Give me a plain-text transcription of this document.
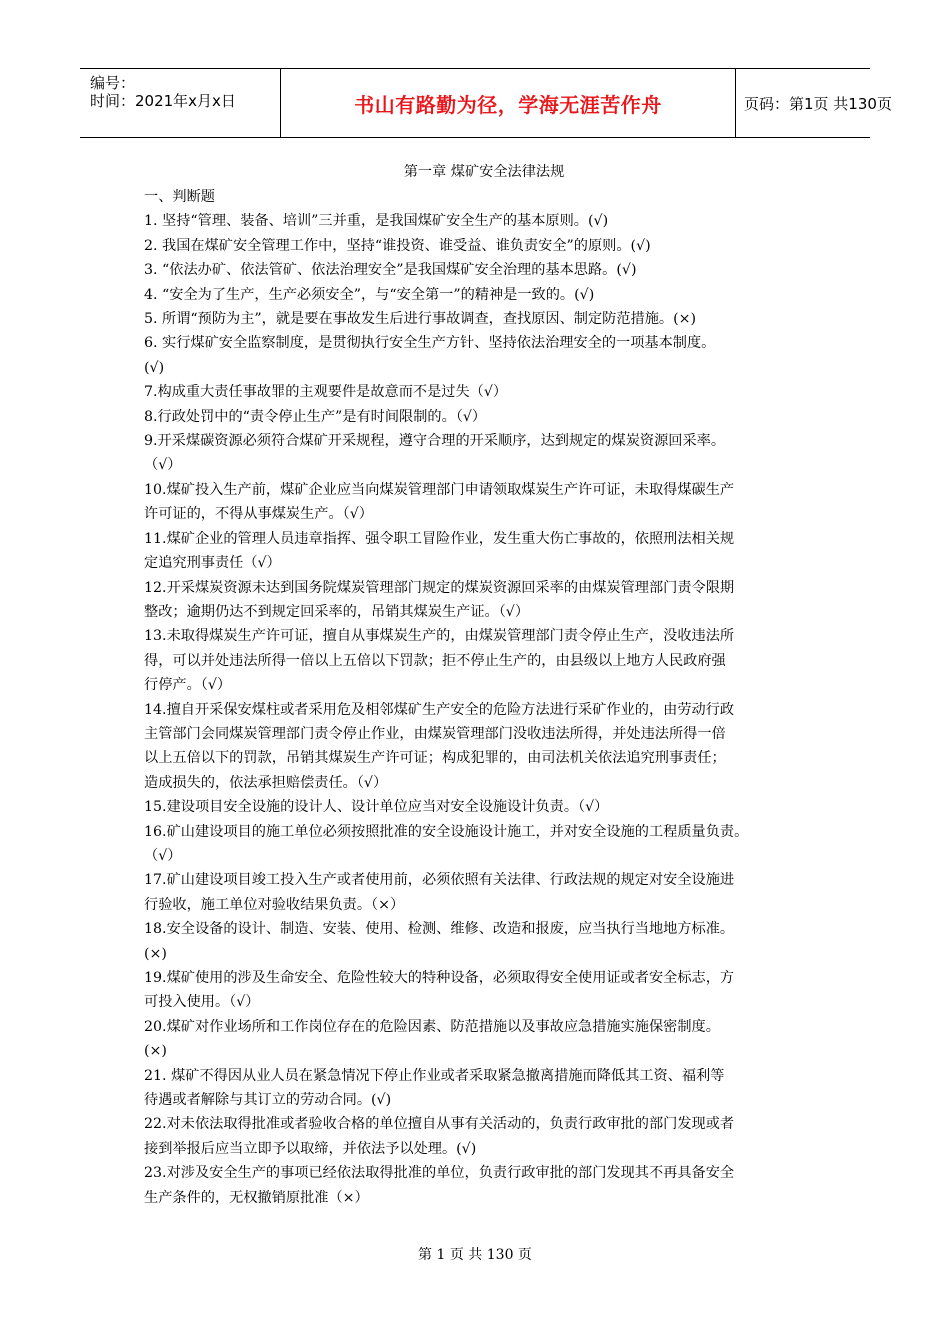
编号：
时间：2021年x月x日	书山有路勤为径，学海无涯苦作舟	页码：第1页 共130页
第一章 煤矿安全法律法规
一、判断题
1. 坚持“管理、装备、培训”三并重，是我国煤矿安全生产的基本原则。(√)
2. 我国在煤矿安全管理工作中，坚持“谁投资、谁受益、谁负责安全”的原则。(√)
3. “依法办矿、依法管矿、依法治理安全”是我国煤矿安全治理的基本思路。(√)
4. “安全为了生产，生产必须安全”，与“安全第一”的精神是一致的。(√)
5. 所谓“预防为主”，就是要在事故发生后进行事故调查，查找原因、制定防范措施。(×)
6. 实行煤矿安全监察制度，是贯彻执行安全生产方针、坚持依法治理安全的一项基本制度。
(√)
7.构成重大责任事故罪的主观要件是故意而不是过失（√）
8.行政处罚中的“责令停止生产”是有时间限制的。（√）
9.开采煤碳资源必须符合煤矿开采规程，遵守合理的开采顺序，达到规定的煤炭资源回采率。
（√）
10.煤矿投入生产前，煤矿企业应当向煤炭管理部门申请领取煤炭生产许可证，未取得煤碳生产
许可证的，不得从事煤炭生产。（√）
11.煤矿企业的管理人员违章指挥、强令职工冒险作业，发生重大伤亡事故的，依照刑法相关规
定追究刑事责任（√）
12.开采煤炭资源未达到国务院煤炭管理部门规定的煤炭资源回采率的由煤炭管理部门责令限期
整改；逾期仍达不到规定回采率的，吊销其煤炭生产证。（√）
13.未取得煤炭生产许可证，擅自从事煤炭生产的，由煤炭管理部门责令停止生产，没收违法所
得，可以并处违法所得一倍以上五倍以下罚款；拒不停止生产的，由县级以上地方人民政府强
行停产。（√）
14.擅自开采保安煤柱或者采用危及相邻煤矿生产安全的危险方法进行采矿作业的，由劳动行政
主管部门会同煤炭管理部门责令停止作业，由煤炭管理部门没收违法所得，并处违法所得一倍
以上五倍以下的罚款，吊销其煤炭生产许可证；构成犯罪的，由司法机关依法追究刑事责任；
造成损失的，依法承担赔偿责任。（√）
15.建设项目安全设施的设计人、设计单位应当对安全设施设计负责。（√）
16.矿山建设项目的施工单位必须按照批准的安全设施设计施工，并对安全设施的工程质量负责。
（√）
17.矿山建设项目竣工投入生产或者使用前，必须依照有关法律、行政法规的规定对安全设施进
行验收，施工单位对验收结果负责。（×）
18.安全设备的设计、制造、安装、使用、检测、维修、改造和报废，应当执行当地地方标准。
(×)
19.煤矿使用的涉及生命安全、危险性较大的特种设备，必须取得安全使用证或者安全标志，方
可投入使用。（√）
20.煤矿对作业场所和工作岗位存在的危险因素、防范措施以及事故应急措施实施保密制度。
(×)
21. 煤矿不得因从业人员在紧急情况下停止作业或者采取紧急撤离措施而降低其工资、福利等
待遇或者解除与其订立的劳动合同。(√)
22.对未依法取得批准或者验收合格的单位擅自从事有关活动的，负责行政审批的部门发现或者
接到举报后应当立即予以取缔，并依法予以处理。(√)
23.对涉及安全生产的事项已经依法取得批准的单位，负责行政审批的部门发现其不再具备安全
生产条件的，无权撤销原批准（×）
第 1 页 共 130 页
